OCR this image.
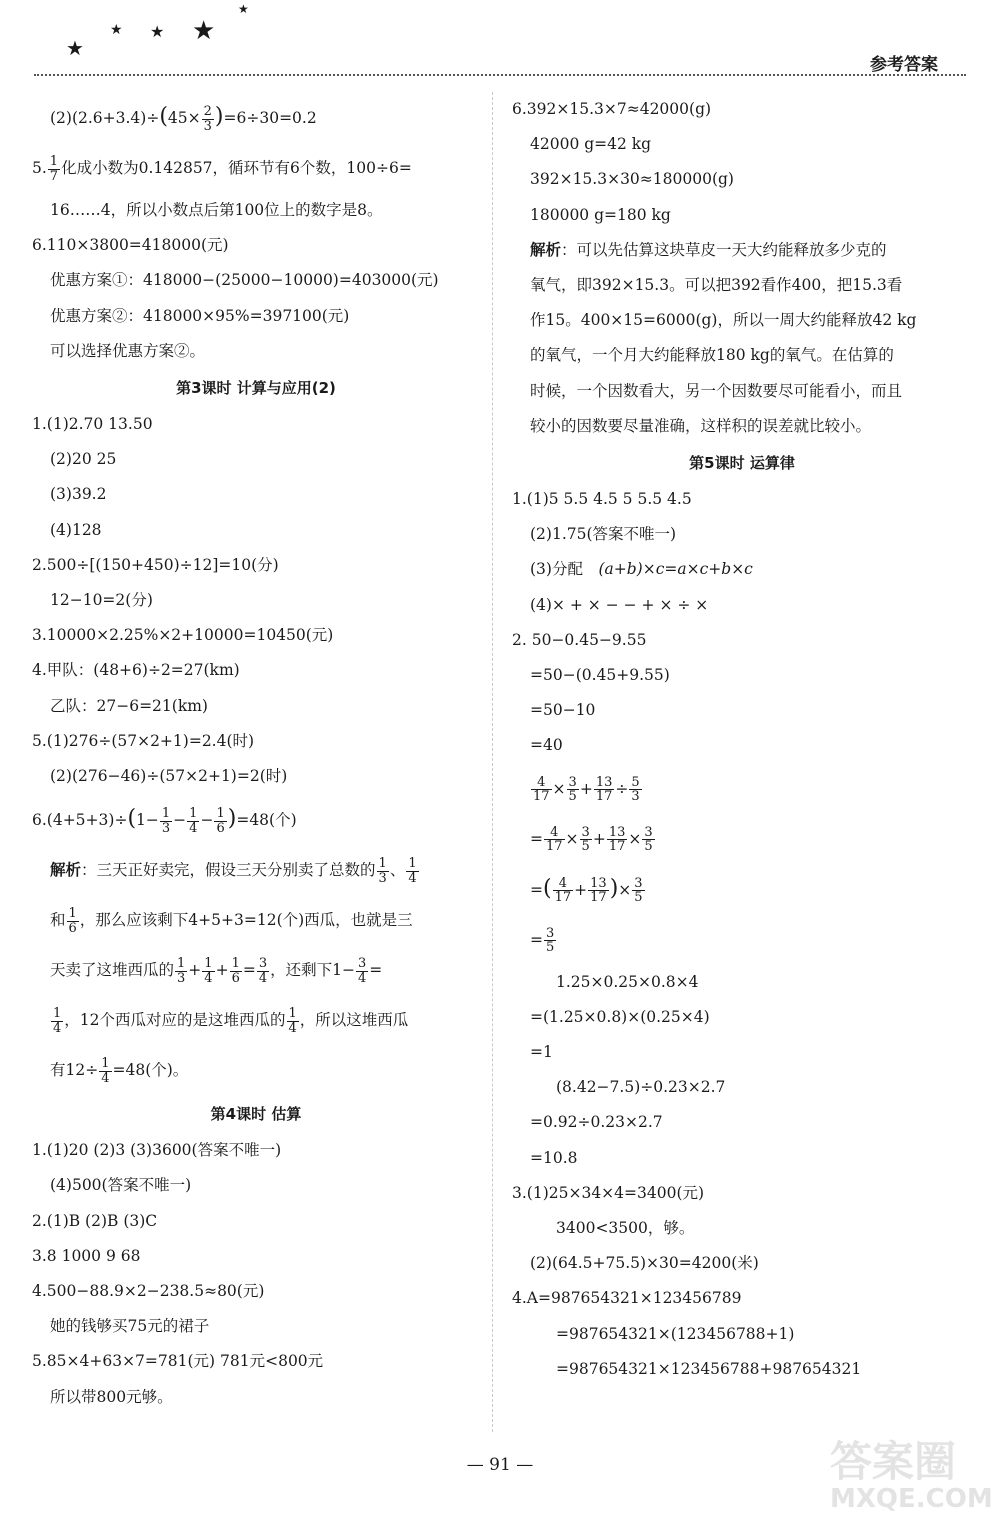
★
★ ★ ★
★
参考答案
$(2)(2.6+3.4)\div(45\times \frac{2}{3} )=6\div 30=0.2$
5. $\frac{1}{7}$ 化成小数为0.142857，循环节有6个数，100÷6=
16……4，所以小数点后第100位上的数字是8。
6.110×3800=418000(元)
优惠方案①：418000−(25000−10000)=403000(元)
优惠方案②：418000×95%=397100(元)
可以选择优惠方案②。
第3课时 计算与应用(2)
1.(1)2.70 13.50
(2)20 25
(3)39.2
(4)128
2.500÷[(150+450)÷12]=10(分)
12−10=2(分)
3.10000×2.25%×2+10000=10450(元)
4.甲队：(48+6)÷2=27(km)
乙队：27−6=21(km)
5.(1)276÷(57×2+1)=2.4(时)
(2)(276−46)÷(57×2+1)=2(时)
$6.(4+5+3)\div(1- \frac{1}{3} - \frac{1}{4} - \frac{1}{6} )=48$(个)
解析：三天正好卖完，假设三天分别卖了总数的 $\frac{1}{3}$ 、 $\frac{1}{4}$
和 $\frac{1}{6}$ ，那么应该剩下4+5+3=12(个)西瓜，也就是三
天卖了这堆西瓜的 $\frac{1}{3} + \frac{1}{4} + \frac{1}{6} = \frac{3}{4}$ ，还剩下$1- \frac{3}{4}$ =
$\frac{1}{4}$ ，12个西瓜对应的是这堆西瓜的 $\frac{1}{4}$ ，所以这堆西瓜
有$12\div \frac{1}{4} =48$(个)。
第4课时 估算
1.(1)20 (2)3 (3)3600(答案不唯一)
(4)500(答案不唯一)
2.(1)B (2)B (3)C
3.8 1000 9 68
4.500−88.9×2−238.5≈80(元)
她的钱够买75元的裙子
5.85×4+63×7=781(元) 781元<800元
所以带800元够。
6.392×15.3×7≈42000(g)
42000 g=42 kg
392×15.3×30≈180000(g)
180000 g=180 kg
解析：可以先估算这块草皮一天大约能释放多少克的
氧气，即392×15.3。可以把392看作400，把15.3看
作15。400×15=6000(g)，所以一周大约能释放42 kg
的氧气，一个月大约能释放180 kg的氧气。在估算的
时候，一个因数看大，另一个因数要尽可能看小，而且
较小的因数要尽量准确，这样积的误差就比较小。
第5课时 运算律
1.(1)5 5.5 4.5 5 5.5 4.5
(2)1.75(答案不唯一)
(3)分配　(a+b)×c=a×c+b×c
(4)× + × − − + × ÷ ×
2. 50−0.45−9.55
=50−(0.45+9.55)
=50−10
=40
$\frac{4}{17} \times \frac{3}{5} + \frac{13}{17} \div \frac{5}{3}$
= $\frac{4}{17} \times \frac{3}{5} + \frac{13}{17} \times \frac{3}{5}$
=( $\frac{4}{17} + \frac{13}{17}$ )× $\frac{3}{5}$
= $\frac{3}{5}$
1.25×0.25×0.8×4
=(1.25×0.8)×(0.25×4)
=1
(8.42−7.5)÷0.23×2.7
=0.92÷0.23×2.7
=10.8
3.(1)25×34×4=3400(元)
3400<3500，够。
(2)(64.5+75.5)×30=4200(米)
4.A=987654321×123456789
=987654321×(123456788+1)
=987654321×123456788+987654321
— 91 —	答案圈
MXQE.COM
